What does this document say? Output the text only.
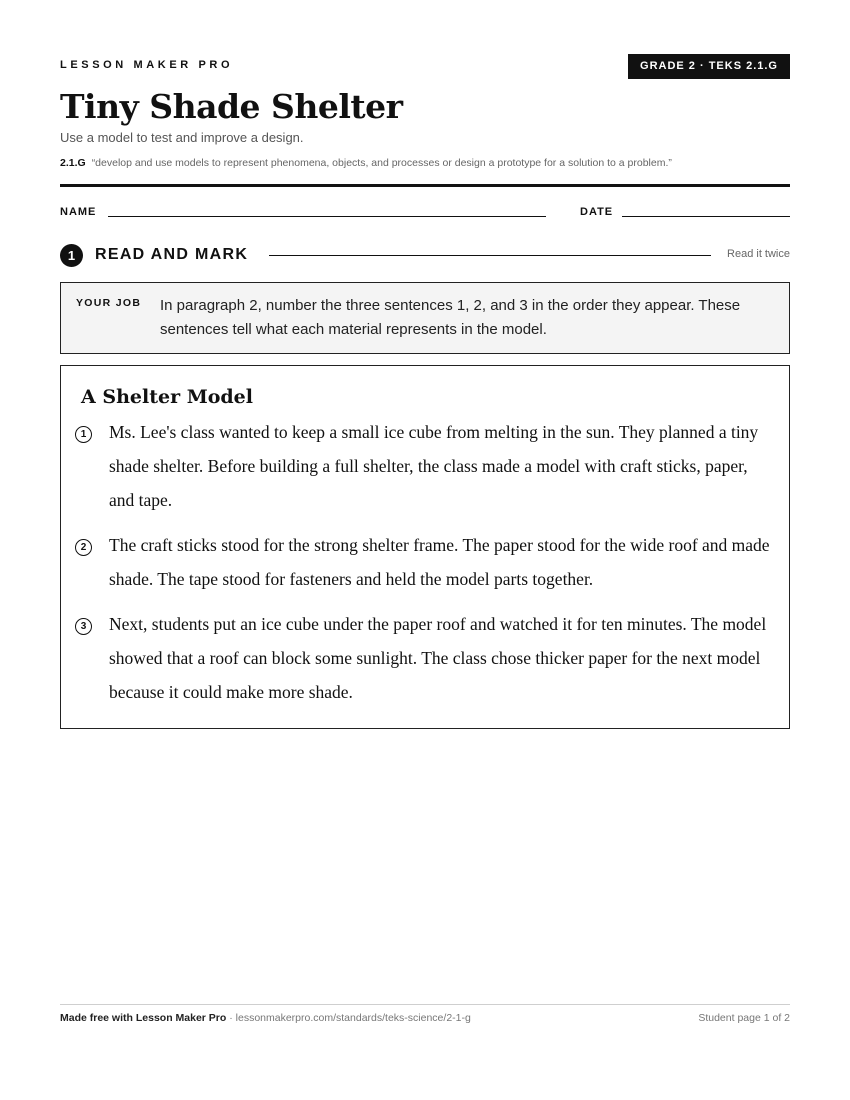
LESSON MAKER PRO	GRADE 2 · TEKS 2.1.G
Tiny Shade Shelter
Use a model to test and improve a design.
2.1.G “develop and use models to represent phenomena, objects, and processes or design a prototype for a solution to a problem.”
NAME	DATE
1	READ AND MARK	Read it twice
YOUR JOB In paragraph 2, number the three sentences 1, 2, and 3 in the order they appear. These sentences tell what each material represents in the model.
A Shelter Model
1	Ms. Lee's class wanted to keep a small ice cube from melting in the sun. They planned a tiny shade shelter. Before building a full shelter, the class made a model with craft sticks, paper, and tape.

2	The craft sticks stood for the strong shelter frame. The paper stood for the wide roof and made shade. The tape stood for fasteners and held the model parts together.

3	Next, students put an ice cube under the paper roof and watched it for ten minutes. The model showed that a roof can block some sunlight. The class chose thicker paper for the next model because it could make more shade.

Made free with Lesson Maker Pro · lessonmakerpro.com/standards/teks-science/2-1-g	Student page 1 of 2
